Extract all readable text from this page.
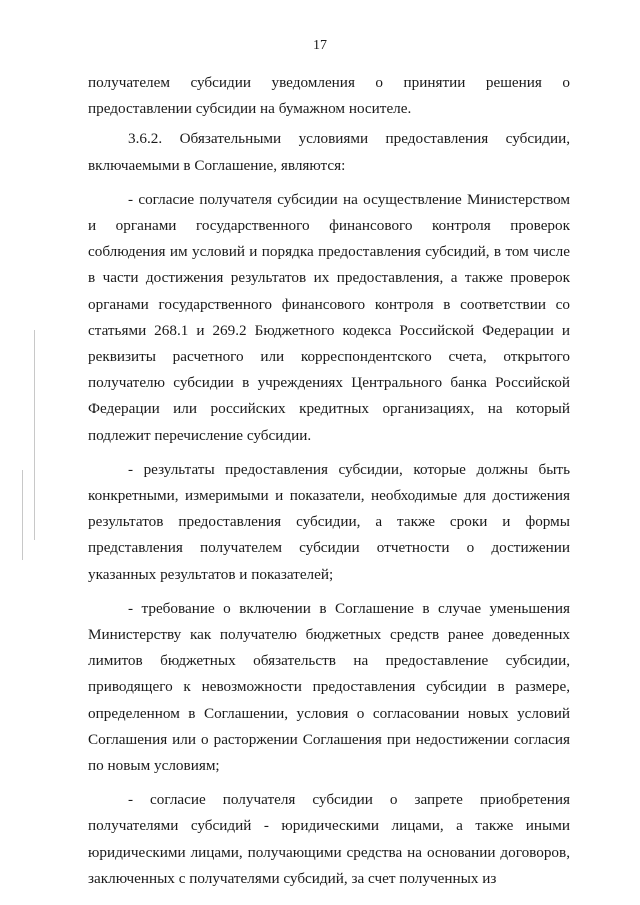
17

получателем субсидии уведомления о принятии решения о предоставлении субсидии на бумажном носителе.

3.6.2. Обязательными условиями предоставления субсидии, включаемыми в Соглашение, являются:

- согласие получателя субсидии на осуществление Министерством и органами государственного финансового контроля проверок соблюдения им условий и порядка предоставления субсидий, в том числе в части достижения результатов их предоставления, а также проверок органами государственного финансового контроля в соответствии со статьями 268.1 и 269.2 Бюджетного кодекса Российской Федерации и реквизиты расчетного или корреспондентского счета, открытого получателю субсидии в учреждениях Центрального банка Российской Федерации или российских кредитных организациях, на который подлежит перечисление субсидии.

- результаты предоставления субсидии, которые должны быть конкретными, измеримыми и показатели, необходимые для достижения результатов предоставления субсидии, а также сроки и формы представления получателем субсидии отчетности о достижении указанных результатов и показателей;

- требование о включении в Соглашение в случае уменьшения Министерству как получателю бюджетных средств ранее доведенных лимитов бюджетных обязательств на предоставление субсидии, приводящего к невозможности предоставления субсидии в размере, определенном в Соглашении, условия о согласовании новых условий Соглашения или о расторжении Соглашения при недостижении согласия по новым условиям;

- согласие получателя субсидии о запрете приобретения получателями субсидий - юридическими лицами, а также иными юридическими лицами, получающими средства на основании договоров, заключенных с получателями субсидий, за счет полученных из
